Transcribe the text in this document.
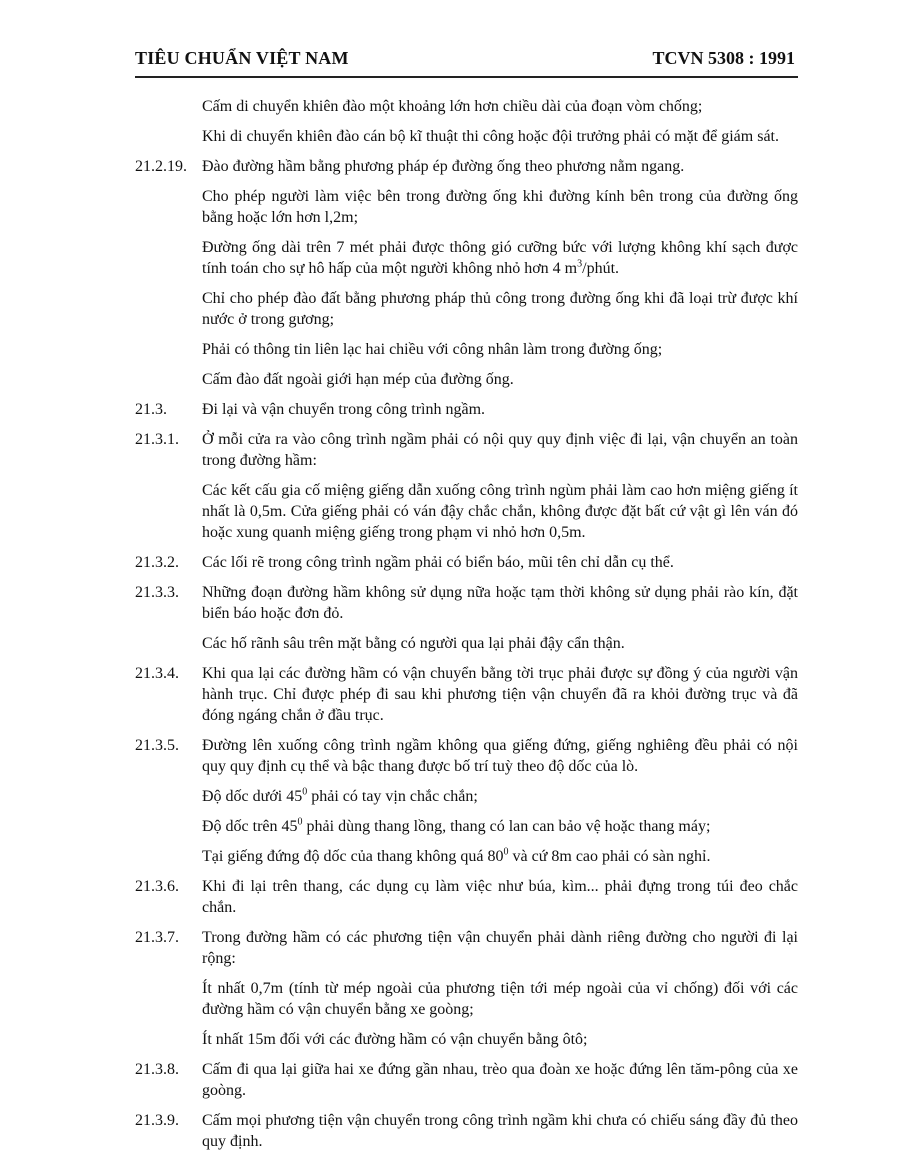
TIÊU CHUẨN VIỆT NAM	TCVN 5308 : 1991

Cấm di chuyển khiên đào một khoảng lớn hơn chiều dài của đoạn vòm chống;

Khi di chuyển khiên đào cán bộ kĩ thuật thi công hoặc đội trưởng phải có mặt để giám sát.

21.2.19. Đào đường hầm bằng phương pháp ép đường ống theo phương nằm ngang.

Cho phép người làm việc bên trong đường ống khi đường kính bên trong của đường ống bằng hoặc lớn hơn l,2m;

Đường ống dài trên 7 mét phải được thông gió cưỡng bức với lượng không khí sạch được tính toán cho sự hô hấp của một người không nhỏ hơn 4 $m^3$/phút.

Chỉ cho phép đào đất bằng phương pháp thủ công trong đường ống khi đã loại trừ được khí nước ở trong gương;

Phải có thông tin liên lạc hai chiều với công nhân làm trong đường ống;

Cấm đào đất ngoài giới hạn mép của đường ống.

21.3. Đi lại và vận chuyển trong công trình ngầm.

21.3.1. Ở mỗi cửa ra vào công trình ngầm phải có nội quy quy định việc đi lại, vận chuyển an toàn trong đường hầm:

Các kết cấu gia cố miệng giếng dẫn xuống công trình ngùm phải làm cao hơn miệng giếng ít nhất là 0,5m. Cửa giếng phải có ván đậy chắc chắn, không được đặt bất cứ vật gì lên ván đó hoặc xung quanh miệng giếng trong phạm vi nhỏ hơn 0,5m.

21.3.2. Các lối rẽ trong công trình ngầm phải có biển báo, mũi tên chỉ dẫn cụ thể.

21.3.3. Những đoạn đường hầm không sử dụng nữa hoặc tạm thời không sử dụng phải rào kín, đặt biển báo hoặc đơn đỏ.

Các hố rãnh sâu trên mặt bằng có người qua lại phải đậy cẩn thận.

21.3.4. Khi qua lại các đường hầm có vận chuyển bằng tời trục phải được sự đồng ý của người vận hành trục. Chỉ được phép đi sau khi phương tiện vận chuyển đã ra khỏi đường trục và đã đóng ngáng chắn ở đầu trục.

21.3.5. Đường lên xuống công trình ngầm không qua giếng đứng, giếng nghiêng đều phải có nội quy quy định cụ thể và bậc thang được bố trí tuỳ theo độ dốc của lò.

Độ dốc dưới $45^0$ phải có tay vịn chắc chắn;

Độ dốc trên $45^0$ phải dùng thang lồng, thang có lan can bảo vệ hoặc thang máy;

Tại giếng đứng độ dốc của thang không quá $80^0$ và cứ 8m cao phải có sàn nghỉ.

21.3.6. Khi đi lại trên thang, các dụng cụ làm việc như búa, kìm... phải đựng trong túi đeo chắc chắn.

21.3.7. Trong đường hầm có các phương tiện vận chuyển phải dành riêng đường cho người đi lại rộng:

Ít nhất 0,7m (tính từ mép ngoài của phương tiện tới mép ngoài của vỉ chống) đối với các đường hầm có vận chuyển bằng xe goòng;

Ít nhất 15m đối với các đường hầm có vận chuyển bằng ôtô;

21.3.8. Cấm đi qua lại giữa hai xe đứng gần nhau, trèo qua đoàn xe hoặc đứng lên tăm-pông của xe goòng.

21.3.9. Cấm mọi phương tiện vận chuyển trong công trình ngầm khi chưa có chiếu sáng đầy đủ theo quy định.
